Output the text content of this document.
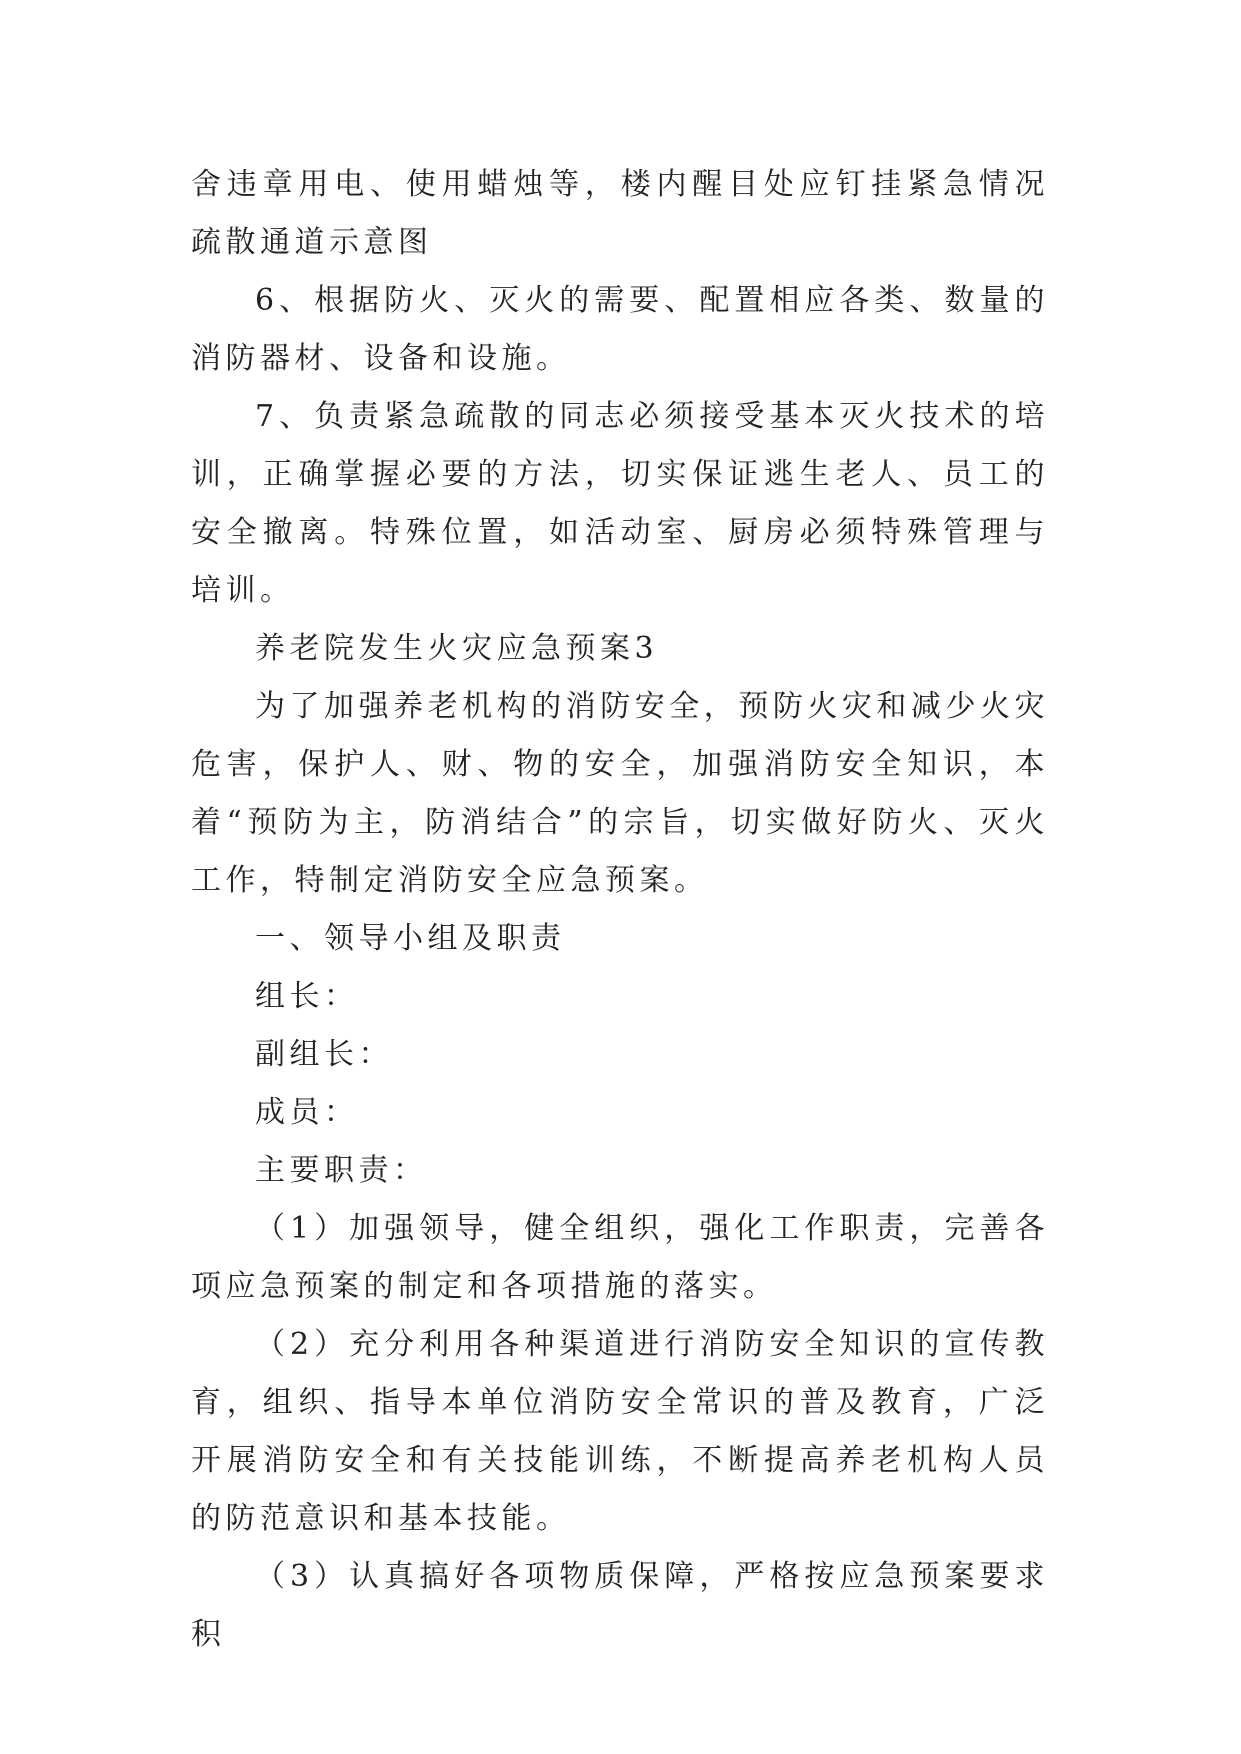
舍违章用电、使用蜡烛等，楼内醒目处应钉挂紧急情况疏散通道示意图

6、根据防火、灭火的需要、配置相应各类、数量的消防器材、设备和设施。

7、负责紧急疏散的同志必须接受基本灭火技术的培训，正确掌握必要的方法，切实保证逃生老人、员工的安全撤离。特殊位置，如活动室、厨房必须特殊管理与培训。

养老院发生火灾应急预案3

为了加强养老机构的消防安全，预防火灾和减少火灾危害，保护人、财、物的安全，加强消防安全知识，本着“预防为主，防消结合”的宗旨，切实做好防火、灭火工作，特制定消防安全应急预案。

一、领导小组及职责

组长：

副组长：

成员：

主要职责：

（1）加强领导，健全组织，强化工作职责，完善各项应急预案的制定和各项措施的落实。

（2）充分利用各种渠道进行消防安全知识的宣传教育，组织、指导本单位消防安全常识的普及教育，广泛开展消防安全和有关技能训练，不断提高养老机构人员的防范意识和基本技能。

（3）认真搞好各项物质保障，严格按应急预案要求积
